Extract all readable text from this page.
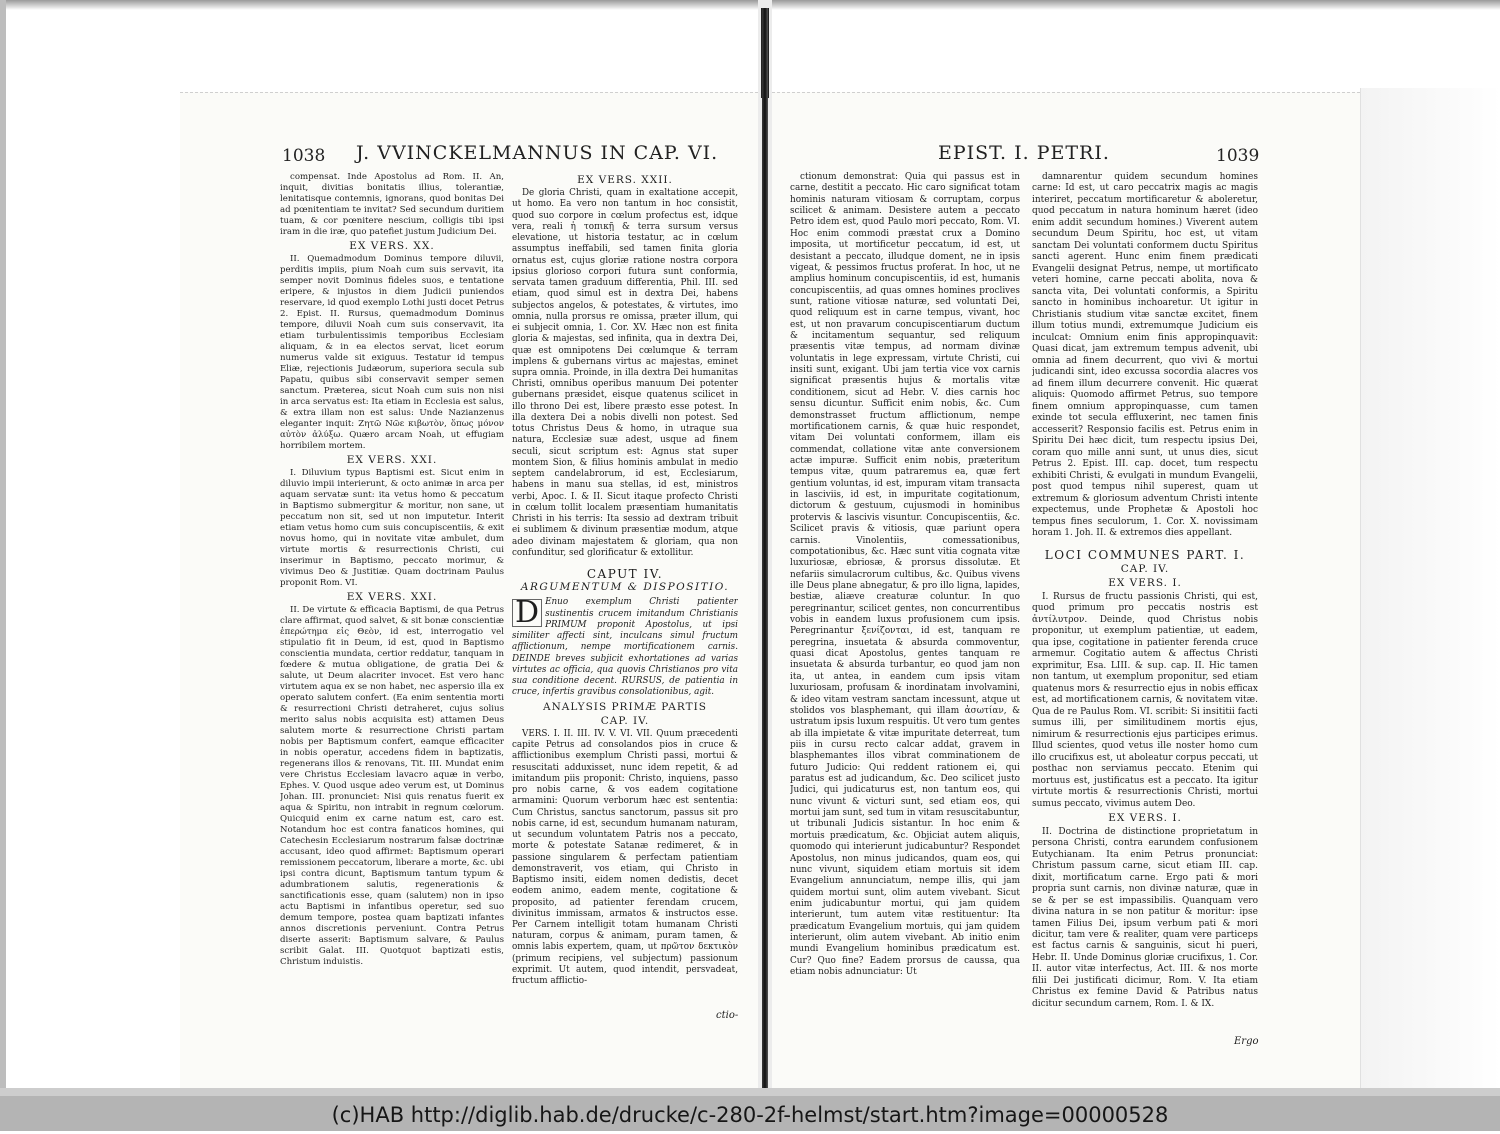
1038 J. VVINCKELMANNUS IN CAP. VI.	EPIST. I. PETRI.	1039

compensat. Inde Apostolus ad Rom. II. An, inquit, divitias bonitatis illius, tolerantiæ, lenitatisque contemnis, ignorans, quod bonitas Dei ad pœnitentiam te invitat? Sed secundum duritiem tuam, & cor pœnitere nescium, colligis tibi ipsi iram in die iræ, quo patefiet justum Judicium Dei.

EX VERS. XX.

II. Quemadmodum Dominus tempore diluvii, perditis impiis, pium Noah cum suis servavit, ita semper novit Dominus fideles suos, e tentatione eripere, & injustos in diem Judicii puniendos reservare, id quod exemplo Lothi justi docet Petrus 2. Epist. II. Rursus, quemadmodum Dominus tempore, diluvii Noah cum suis conservavit, ita etiam turbulentissimis temporibus Ecclesiam aliquam, & in ea electos servat, licet eorum numerus valde sit exiguus. Testatur id tempus Eliæ, rejectionis Judæorum, superiora secula sub Papatu, quibus sibi conservavit semper semen sanctum. Præterea, sicut Noah cum suis non nisi in arca servatus est: Ita etiam in Ecclesia est salus, & extra illam non est salus: Unde Nazianzenus eleganter inquit: Ζητῶ Νῶε κιβωτὸν, ὅπως μόνον αὐτὸν ἀλύξω. Quæro arcam Noah, ut effugiam horribilem mortem.

EX VERS. XXI.

I. Diluvium typus Baptismi est. Sicut enim in diluvio impii interierunt, & octo animæ in arca per aquam servatæ sunt: ita vetus homo & peccatum in Baptismo submergitur & moritur, non sane, ut peccatum non sit, sed ut non imputetur. Interit etiam vetus homo cum suis concupiscentiis, & exit novus homo, qui in novitate vitæ ambulet, dum virtute mortis & resurrectionis Christi, cui inserimur in Baptismo, peccato morimur, & vivimus Deo & Justitiæ. Quam doctrinam Paulus proponit Rom. VI.

EX VERS. XXI.

II. De virtute & efficacia Baptismi, de qua Petrus clare affirmat, quod salvet, & sit bonæ conscientiæ ἐπερώτημα εἰς Θεὸν, id est, interrogatio vel stipulatio fit in Deum, id est, quod in Baptismo conscientia mundata, certior reddatur, tanquam in fœdere & mutua obligatione, de gratia Dei & salute, ut Deum alacriter invocet. Est vero hanc virtutem aqua ex se non habet, nec aspersio illa ex operato salutem confert. (Ea enim sententia morti & resurrectioni Christi detraheret, cujus solius merito salus nobis acquisita est) attamen Deus salutem morte & resurrectione Christi partam nobis per Baptismum confert, eamque efficaciter in nobis operatur, accedens fidem in baptizatis, regenerans illos & renovans, Tit. III. Mundat enim vere Christus Ecclesiam lavacro aquæ in verbo, Ephes. V. Quod usque adeo verum est, ut Dominus Johan. III. pronunciet: Nisi quis renatus fuerit ex aqua & Spiritu, non intrabit in regnum cœlorum. Quicquid enim ex carne natum est, caro est. Notandum hoc est contra fanaticos homines, qui Catechesin Ecclesiarum nostrarum falsæ doctrinæ accusant, ideo quod affirmet: Baptismum operari remissionem peccatorum, liberare a morte, &c. ubi ipsi contra dicunt, Baptismum tantum typum & adumbrationem salutis, regenerationis & sanctificationis esse, quam (salutem) non in ipso actu Baptismi in infantibus operetur, sed suo demum tempore, postea quam baptizati infantes annos discretionis perveniunt. Contra Petrus diserte asserit: Baptismum salvare, & Paulus scribit Galat. III. Quotquot baptizati estis, Christum induistis.

EX VERS. XXII.

De gloria Christi, quam in exaltatione accepit, ut homo. Ea vero non tantum in hoc consistit, quod suo corpore in cœlum profectus est, idque vera, reali ἡ τοπικῇ & terra sursum versus elevatione, ut historia testatur, ac in cœlum assumptus ineffabili, sed tamen finita gloria ornatus est, cujus gloriæ ratione nostra corpora ipsius glorioso corpori futura sunt conformia, servata tamen graduum differentia, Phil. III. sed etiam, quod simul est in dextra Dei, habens subjectos angelos, & potestates, & virtutes, imo omnia, nulla prorsus re omissa, præter illum, qui ei subjecit omnia, 1. Cor. XV. Hæc non est finita gloria & majestas, sed infinita, qua in dextra Dei, quæ est omnipotens Dei cœlumque & terram implens & gubernans virtus ac majestas, eminet supra omnia. Proinde, in illa dextra Dei humanitas Christi, omnibus operibus manuum Dei potenter gubernans præsidet, eisque quatenus scilicet in illo throno Dei est, libere præsto esse potest. In illa dextera Dei a nobis divelli non potest. Sed totus Christus Deus & homo, in utraque sua natura, Ecclesiæ suæ adest, usque ad finem seculi, sicut scriptum est: Agnus stat super montem Sion, & filius hominis ambulat in medio septem candelabrorum, id est, Ecclesiarum, habens in manu sua stellas, id est, ministros verbi, Apoc. I. & II. Sicut itaque profecto Christi in cœlum tollit localem præsentiam humanitatis Christi in his terris: Ita sessio ad dextram tribuit ei sublimem & divinum præsentiæ modum, atque adeo divinam majestatem & gloriam, qua non confunditur, sed glorificatur & extollitur.

CAPUT IV.

ARGUMENTUM & DISPOSITIO.

D Enuo exemplum Christi patienter sustinentis crucem imitandum Christianis PRIMUM proponit Apostolus, ut ipsi similiter affecti sint, inculcans simul fructum afflictionum, nempe mortificationem carnis. DEINDE breves subjicit exhortationes ad varias virtutes ac officia, qua quovis Christianos pro vita sua conditione decent. RURSUS, de patientia in cruce, infertis gravibus consolationibus, agit.

ANALYSIS PRIMÆ PARTIS

CAP. IV.

VERS. I. II. III. IV. V. VI. VII. Quum præcedenti capite Petrus ad consolandos pios in cruce & afflictionibus exemplum Christi passi, mortui & resuscitati adduxisset, nunc idem repetit, & ad imitandum piis proponit: Christo, inquiens, passo pro nobis carne, & vos eadem cogitatione armamini: Quorum verborum hæc est sententia: Cum Christus, sanctus sanctorum, passus sit pro nobis carne, id est, secundum humanam naturam, ut secundum voluntatem Patris nos a peccato, morte & potestate Satanæ redimeret, & in passione singularem & perfectam patientiam demonstraverit, vos etiam, qui Christo in Baptismo insiti, eidem nomen dedistis, decet eodem animo, eadem mente, cogitatione & proposito, ad patienter ferendam crucem, divinitus immissam, armatos & instructos esse. Per Carnem intelligit totam humanam Christi naturam, corpus & animam, puram tamen, & omnis labis expertem, quam, ut πρῶτον δεκτικὸν (primum recipiens, vel subjectum) passionum exprimit. Ut autem, quod intendit, persvadeat, fructum afflictio-

ctionum demonstrat: Quia qui passus est in carne, destitit a peccato. Hic caro significat totam hominis naturam vitiosam & corruptam, corpus scilicet & animam. Desistere autem a peccato Petro idem est, quod Paulo mori peccato, Rom. VI. Hoc enim commodi præstat crux a Domino imposita, ut mortificetur peccatum, id est, ut desistant a peccato, illudque doment, ne in ipsis vigeat, & pessimos fructus proferat. In hoc, ut ne amplius hominum concupiscentiis, id est, humanis concupiscentiis, ad quas omnes homines proclives sunt, ratione vitiosæ naturæ, sed voluntati Dei, quod reliquum est in carne tempus, vivant, hoc est, ut non pravarum concupiscentiarum ductum & incitamentum sequantur, sed reliquum præsentis vitæ tempus, ad normam divinæ voluntatis in lege expressam, virtute Christi, cui insiti sunt, exigant. Ubi jam tertia vice vox carnis significat præsentis hujus & mortalis vitæ conditionem, sicut ad Hebr. V. dies carnis hoc sensu dicuntur. Sufficit enim nobis, &c. Cum demonstrasset fructum afflictionum, nempe mortificationem carnis, & quæ huic respondet, vitam Dei voluntati conformem, illam eis commendat, collatione vitæ ante conversionem actæ impuræ. Sufficit enim nobis, præteritum tempus vitæ, quum patraremus ea, quæ fert gentium voluntas, id est, impuram vitam transacta in lasciviis, id est, in impuritate cogitationum, dictorum & gestuum, cujusmodi in hominibus protervis & lascivis visuntur. Concupiscentiis, &c. Scilicet pravis & vitiosis, quæ pariunt opera carnis. Vinolentiis, comessationibus, compotationibus, &c. Hæc sunt vitia cognata vitæ luxuriosæ, ebriosæ, & prorsus dissolutæ. Et nefariis simulacrorum cultibus, &c. Quibus vivens ille Deus plane abnegatur, & pro illo ligna, lapides, bestiæ, aliæve creaturæ coluntur. In quo peregrinantur, scilicet gentes, non concurrentibus vobis in eandem luxus profusionem cum ipsis. Peregrinantur ξενίζονται, id est, tanquam re peregrina, insuetata & absurda commoventur, quasi dicat Apostolus, gentes tanquam re insuetata & absurda turbantur, eo quod jam non ita, ut antea, in eandem cum ipsis vitam luxuriosam, profusam & inordinatam involvamini, & ideo vitam vestram sanctam incessunt, atque ut stolidos vos blasphemant, qui illam ἀσωτίαν, & ustratum ipsis luxum respuitis. Ut vero tum gentes ab illa impietate & vitæ impuritate deterreat, tum piis in cursu recto calcar addat, gravem in blasphemantes illos vibrat comminationem de futuro Judicio: Qui reddent rationem ei, qui paratus est ad judicandum, &c. Deo scilicet justo Judici, qui judicaturus est, non tantum eos, qui nunc vivunt & victuri sunt, sed etiam eos, qui mortui jam sunt, sed tum in vitam resuscitabuntur, ut tribunali Judicis sistantur. In hoc enim & mortuis prædicatum, &c. Objiciat autem aliquis, quomodo qui interierunt judicabuntur? Respondet Apostolus, non minus judicandos, quam eos, qui nunc vivunt, siquidem etiam mortuis sit idem Evangelium annunciatum, nempe illis, qui jam quidem mortui sunt, olim autem vivebant. Sicut enim judicabuntur mortui, qui jam quidem interierunt, tum autem vitæ restituentur: Ita prædicatum Evangelium mortuis, qui jam quidem interierunt, olim autem vivebant. Ab initio enim mundi Evangelium hominibus prædicatum est. Cur? Quo fine? Eadem prorsus de caussa, qua etiam nobis adnunciatur: Ut

damnarentur quidem secundum homines carne: Id est, ut caro peccatrix magis ac magis interiret, peccatum mortificaretur & aboleretur, quod peccatum in natura hominum hæret (ideo enim addit secundum homines.) Viverent autem secundum Deum Spiritu, hoc est, ut vitam sanctam Dei voluntati conformem ductu Spiritus sancti agerent. Hunc enim finem prædicati Evangelii designat Petrus, nempe, ut mortificato veteri homine, carne peccati abolita, nova & sancta vita, Dei voluntati conformis, a Spiritu sancto in hominibus inchoaretur. Ut igitur in Christianis studium vitæ sanctæ excitet, finem illum totius mundi, extremumque Judicium eis inculcat: Omnium enim finis appropinquavit: Quasi dicat, jam extremum tempus advenit, ubi omnia ad finem decurrent, quo vivi & mortui judicandi sint, ideo excussa socordia alacres vos ad finem illum decurrere convenit. Hic quærat aliquis: Quomodo affirmet Petrus, suo tempore finem omnium appropinquasse, cum tamen exinde tot secula effluxerint, nec tamen finis accesserit? Responsio facilis est. Petrus enim in Spiritu Dei hæc dicit, tum respectu ipsius Dei, coram quo mille anni sunt, ut unus dies, sicut Petrus 2. Epist. III. cap. docet, tum respectu exhibiti Christi, & evulgati in mundum Evangelii, post quod tempus nihil superest, quam ut extremum & gloriosum adventum Christi intente expectemus, unde Prophetæ & Apostoli hoc tempus fines seculorum, 1. Cor. X. novissimam horam 1. Joh. II. & extremos dies appellant.

LOCI COMMUNES PART. I.

CAP. IV.

EX VERS. I.

I. Rursus de fructu passionis Christi, qui est, quod primum pro peccatis nostris est ἀντίλυτρον. Deinde, quod Christus nobis proponitur, ut exemplum patientiæ, ut eadem, qua ipse, cogitatione in patienter ferenda cruce armemur. Cogitatio autem & affectus Christi exprimitur, Esa. LIII. & sup. cap. II. Hic tamen non tantum, ut exemplum proponitur, sed etiam quatenus mors & resurrectio ejus in nobis efficax est, ad mortificationem carnis, & novitatem vitæ. Qua de re Paulus Rom. VI. scribit: Si insititii facti sumus illi, per similitudinem mortis ejus, nimirum & resurrectionis ejus participes erimus. Illud scientes, quod vetus ille noster homo cum illo crucifixus est, ut aboleatur corpus peccati, ut posthac non serviamus peccato. Etenim qui mortuus est, justificatus est a peccato. Ita igitur virtute mortis & resurrectionis Christi, mortui sumus peccato, vivimus autem Deo.

EX VERS. I.

II. Doctrina de distinctione proprietatum in persona Christi, contra earundem confusionem Eutychianam. Ita enim Petrus pronunciat: Christum passum carne, sicut etiam III. cap. dixit, mortificatum carne. Ergo pati & mori propria sunt carnis, non divinæ naturæ, quæ in se & per se est impassibilis. Quanquam vero divina natura in se non patitur & moritur: ipse tamen Filius Dei, ipsum verbum pati & mori dicitur, tam vere & realiter, quam vere particeps est factus carnis & sanguinis, sicut hi pueri, Hebr. II. Unde Dominus gloriæ crucifixus, 1. Cor. II. autor vitæ interfectus, Act. III. & nos morte filii Dei justificati dicimur, Rom. V. Ita etiam Christus ex femine David & Patribus natus dicitur secundum carnem, Rom. I. & IX.

ctio-
Ergo
(c)HAB http://diglib.hab.de/drucke/c-280-2f-helmst/start.htm?image=00000528
